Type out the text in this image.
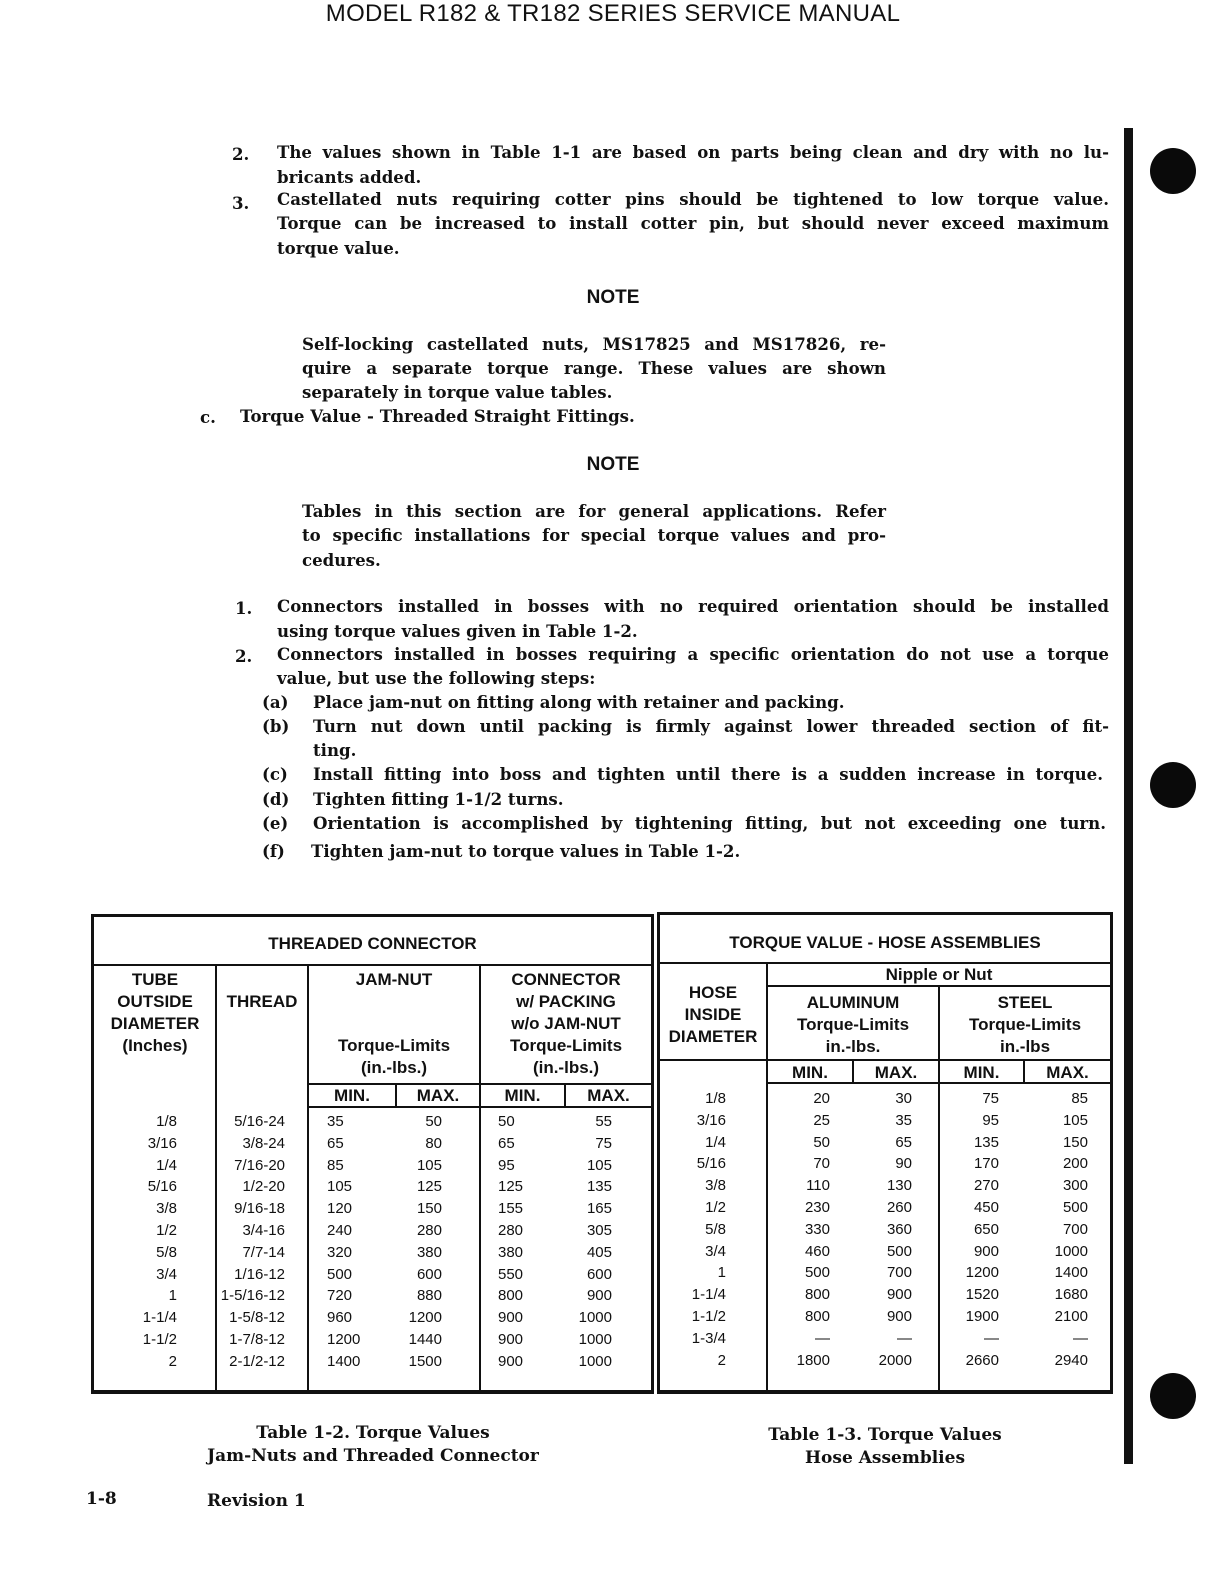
MODEL R182 & TR182 SERIES SERVICE MANUAL
2. The values shown in Table 1-1 are based on parts being clean and dry with no lu-
bricants added.
3. Castellated nuts requiring cotter pins should be tightened to low torque value.
Torque can be increased to install cotter pin, but should never exceed maximum
torque value.
NOTE
Self-locking castellated nuts, MS17825 and MS17826, re-
quire a separate torque range. These values are shown
separately in torque value tables.
c. Torque Value - Threaded Straight Fittings.
NOTE
Tables in this section are for general applications. Refer
to specific installations for special torque values and pro-
cedures.
1. Connectors installed in bosses with no required orientation should be installed
using torque values given in Table 1-2.
2. Connectors installed in bosses requiring a specific orientation do not use a torque
value, but use the following steps:
(a) Place jam-nut on fitting along with retainer and packing.
(b) Turn nut down until packing is firmly against lower threaded section of fit-
ting.
(c) Install fitting into boss and tighten until there is a sudden increase in torque.
(d) Tighten fitting 1-1/2 turns.
(e) Orientation is accomplished by tightening fitting, but not exceeding one turn.
(f) Tighten jam-nut to torque values in Table 1-2.
THREADED CONNECTOR
TUBE
OUTSIDE
DIAMETER
(Inches)
THREAD
JAM-NUT
Torque-Limits
(in.-lbs.)
CONNECTOR
w/ PACKING
w/o JAM-NUT
Torque-Limits
(in.-lbs.)
MIN.	MAX.	MIN.	MAX.
1/8	5/16-24	35	50	50	55
3/16	3/8-24	65	80	65	75
1/4	7/16-20	85	105	95	105
5/16	1/2-20	105	125	125	135
3/8	9/16-18	120	150	155	165
1/2	3/4-16	240	280	280	305
5/8	7/7-14	320	380	380	405
3/4	1/16-12	500	600	550	600
1	1-5/16-12	720	880	800	900
1-1/4	1-5/8-12	960	1200	900	1000
1-1/2	1-7/8-12	1200	1440	900	1000
2	2-1/2-12	1400	1500	900	1000
Table 1-2. Torque Values
Jam-Nuts and Threaded Connector
TORQUE VALUE - HOSE ASSEMBLIES
HOSE
INSIDE
DIAMETER
Nipple or Nut
ALUMINUM
Torque-Limits
in.-lbs.
STEEL
Torque-Limits
in.-lbs
MIN.	MAX.	MIN.	MAX.
1/8	20	30	75	85
3/16	25	35	95	105
1/4	50	65	135	150
5/16	70	90	170	200
3/8	110	130	270	300
1/2	230	260	450	500
5/8	330	360	650	700
3/4	460	500	900	1000
1	500	700	1200	1400
1-1/4	800	900	1520	1680
1-1/2	800	900	1900	2100
1-3/4	—	—	—	—
2	1800	2000	2660	2940
Table 1-3. Torque Values
Hose Assemblies
1-8	Revision 1
